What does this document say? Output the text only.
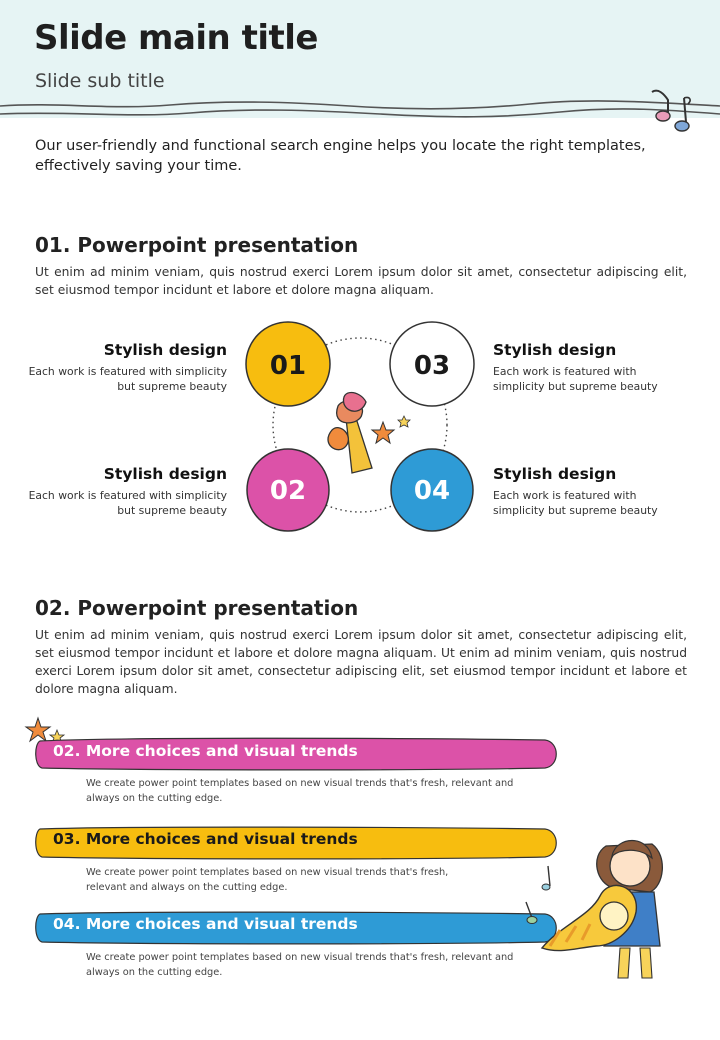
Slide main title
Slide sub title
Our user-friendly and functional search engine helps you locate the right templates, effectively saving your time.
01. Powerpoint presentation
Ut enim ad minim veniam, quis nostrud exerci Lorem ipsum dolor sit amet, consectetur adipiscing elit, set eiusmod tempor incidunt et labore et dolore magna aliquam.
01	03
02	04
Stylish design
Each work is featured with simplicity but supreme beauty
Stylish design
Each work is featured with simplicity but supreme beauty
Stylish design
Each work is featured with simplicity but supreme beauty
Stylish design
Each work is featured with simplicity but supreme beauty
02. Powerpoint presentation
Ut enim ad minim veniam, quis nostrud exerci Lorem ipsum dolor sit amet, consectetur adipiscing elit, set eiusmod tempor incidunt et labore et dolore magna aliquam. Ut enim ad minim veniam, quis nostrud exerci Lorem ipsum dolor sit amet, consectetur adipiscing elit, set eiusmod tempor incidunt et labore et dolore magna aliquam.
02. More choices and visual trends
We create power point templates based on new visual trends that's fresh, relevant and always on the cutting edge.
03. More choices and visual trends
We create power point templates based on new visual trends that's fresh, relevant and always on the cutting edge.
04. More choices and visual trends
We create power point templates based on new visual trends that's fresh, relevant and always on the cutting edge.
